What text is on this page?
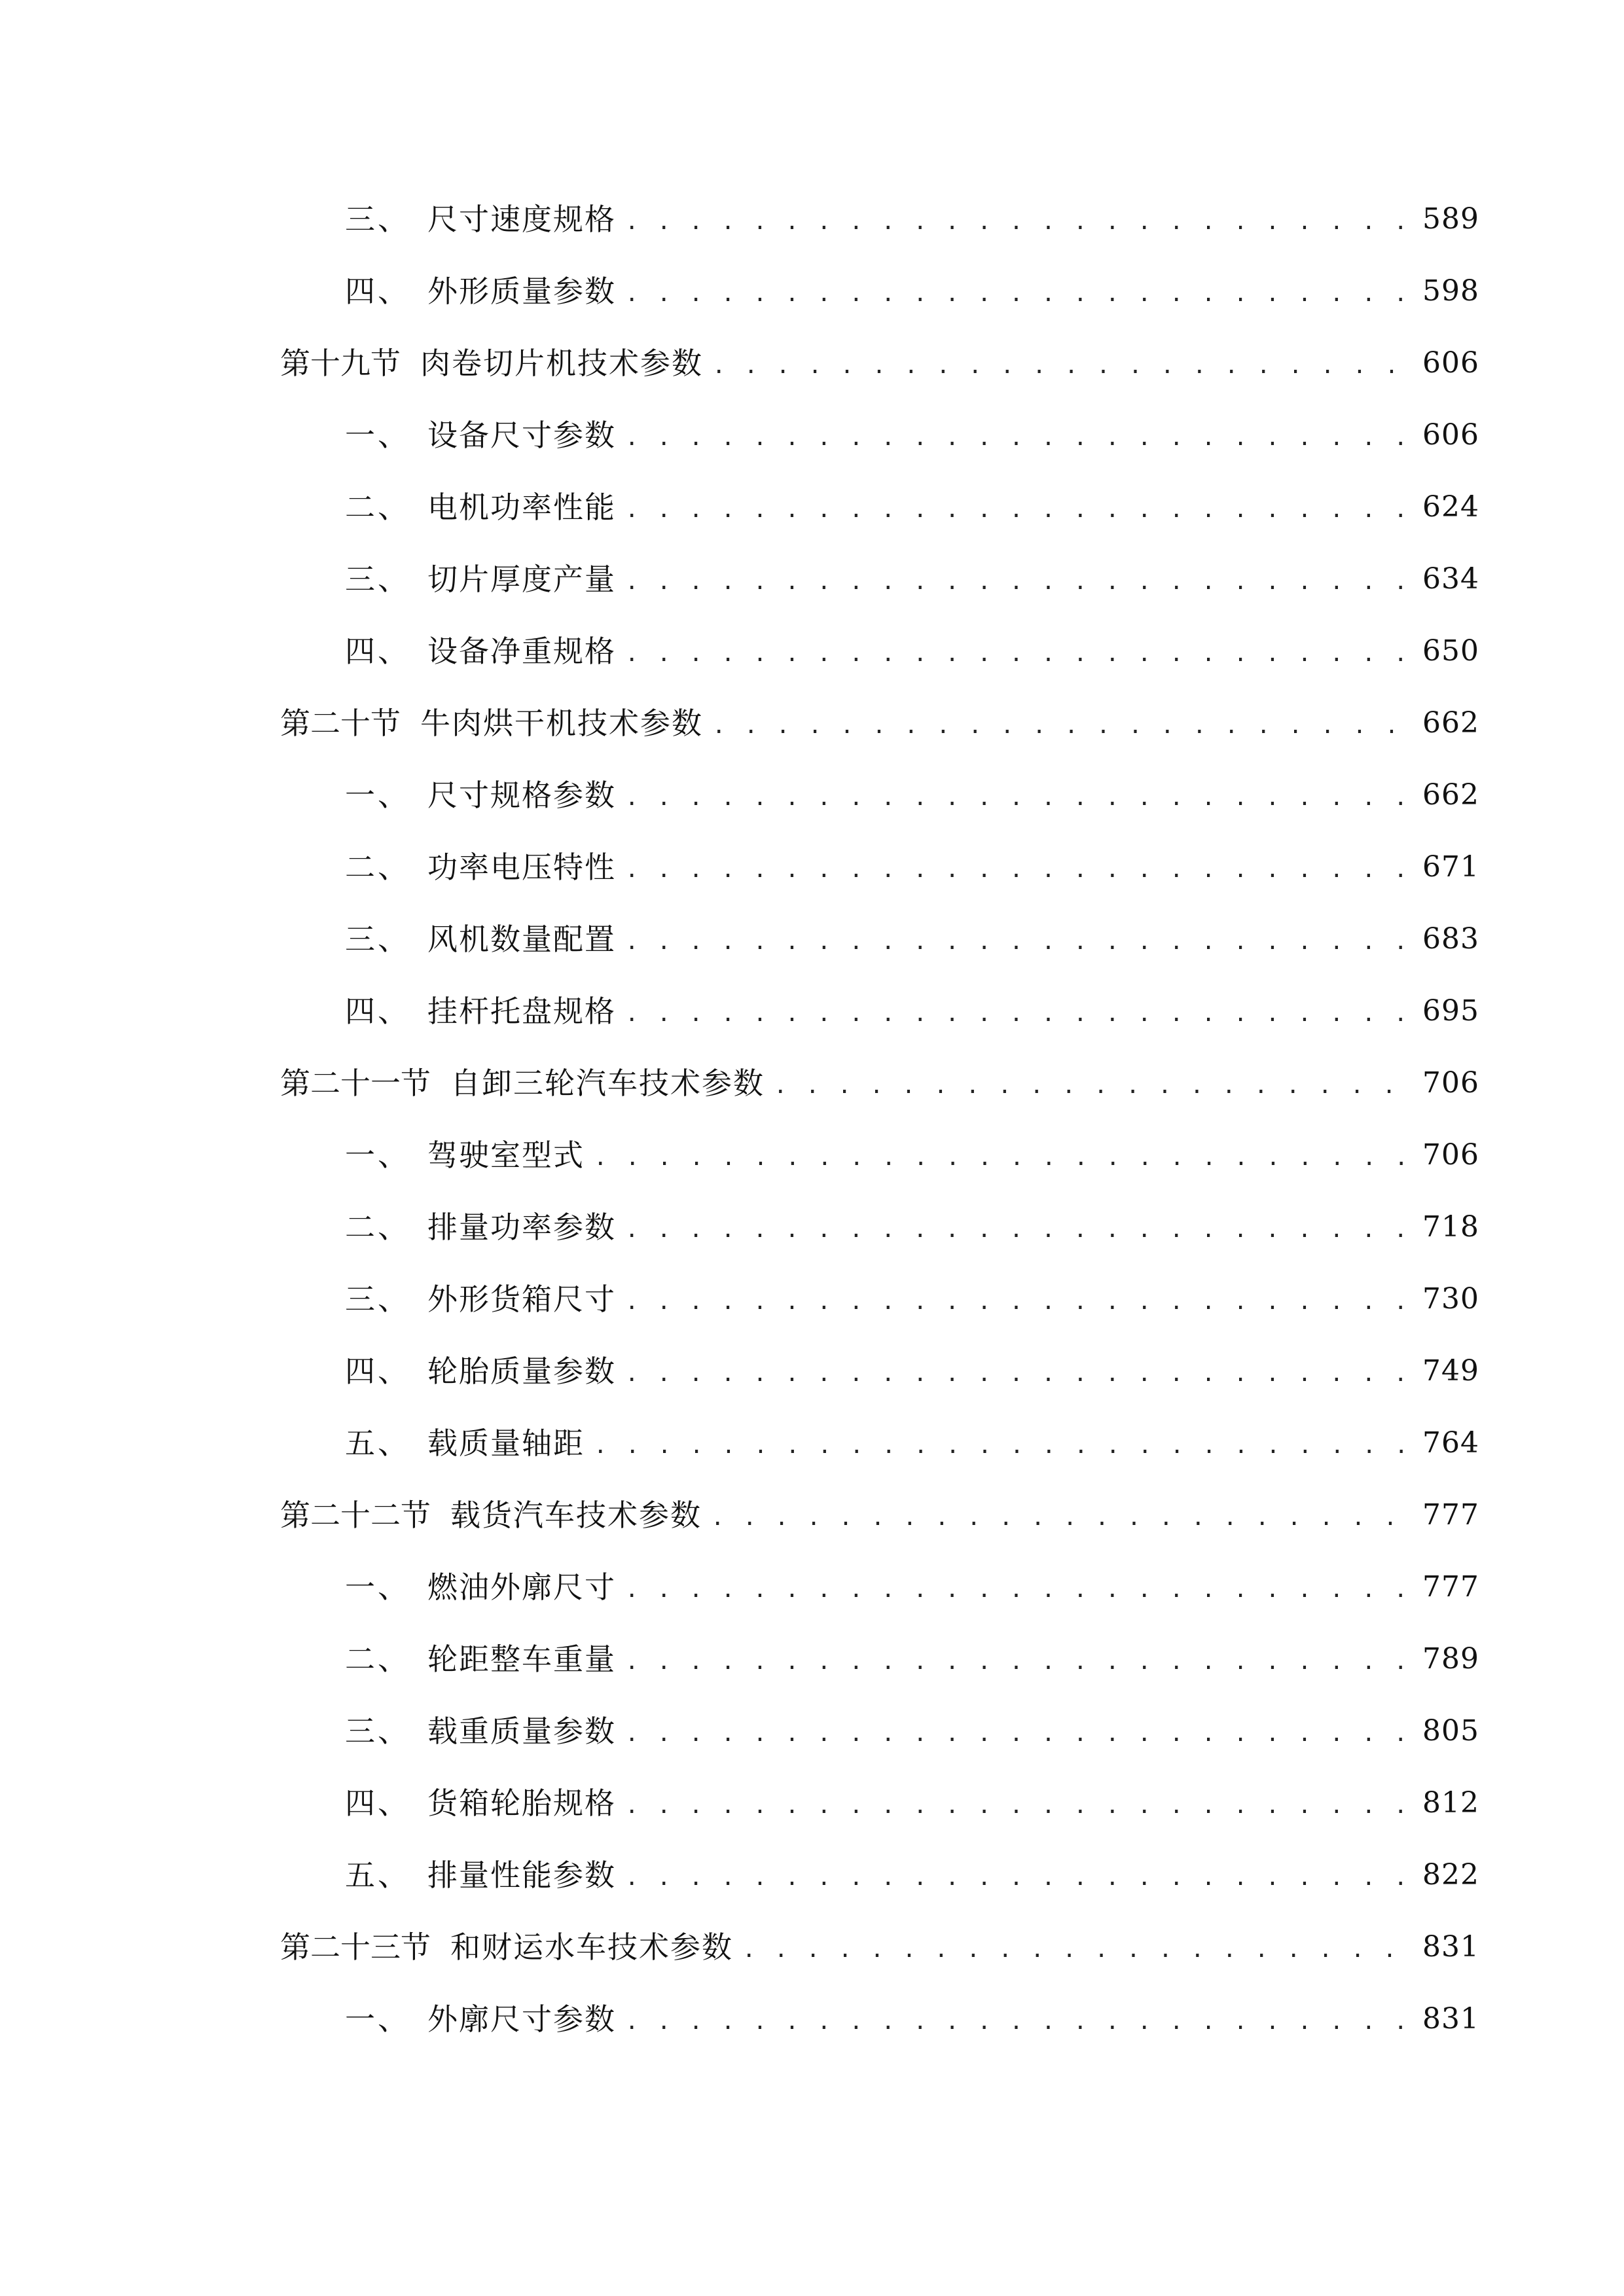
三、 尺寸速度规格 . . .	589
四、 外形质量参数 . . .	598
第十九节 肉卷切片机技术参数 . . .	606
一、 设备尺寸参数 . . .	606
二、 电机功率性能 . . .	624
三、 切片厚度产量 . . .	634
四、 设备净重规格 . . .	650
第二十节 牛肉烘干机技术参数 . . .	662
一、 尺寸规格参数 . . .	662
二、 功率电压特性 . . .	671
三、 风机数量配置 . . .	683
四、 挂杆托盘规格 . . .	695
第二十一节 自卸三轮汽车技术参数 . . .	706
一、 驾驶室型式 . . .	706
二、 排量功率参数 . . .	718
三、 外形货箱尺寸 . . .	730
四、 轮胎质量参数 . . .	749
五、 载质量轴距 . . .	764
第二十二节 载货汽车技术参数 . . .	777
一、 燃油外廓尺寸 . . .	777
二、 轮距整车重量 . . .	789
三、 载重质量参数 . . .	805
四、 货箱轮胎规格 . . .	812
五、 排量性能参数 . . .	822
第二十三节 和财运水车技术参数 . . .	831
一、 外廓尺寸参数 . . .	831
